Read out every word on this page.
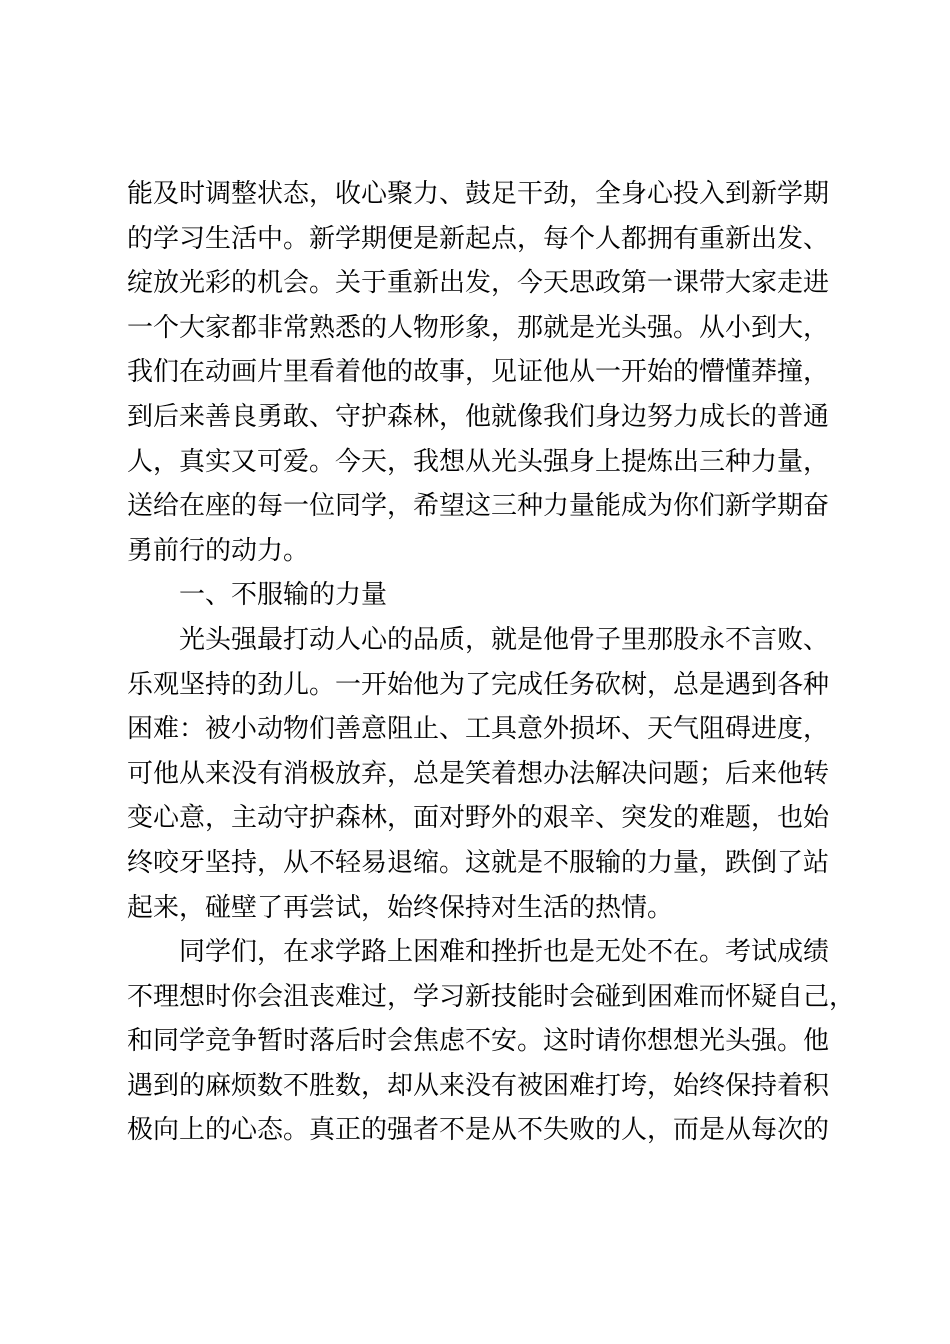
能及时调整状态，收心聚力、鼓足干劲，全身心投入到新学期
的学习生活中。新学期便是新起点，每个人都拥有重新出发、
绽放光彩的机会。关于重新出发，今天思政第一课带大家走进
一个大家都非常熟悉的人物形象，那就是光头强。从小到大，
我们在动画片里看着他的故事，见证他从一开始的懵懂莽撞，
到后来善良勇敢、守护森林，他就像我们身边努力成长的普通
人，真实又可爱。今天，我想从光头强身上提炼出三种力量，
送给在座的每一位同学，希望这三种力量能成为你们新学期奋
勇前行的动力。
一、不服输的力量
光头强最打动人心的品质，就是他骨子里那股永不言败、
乐观坚持的劲儿。一开始他为了完成任务砍树，总是遇到各种
困难：被小动物们善意阻止、工具意外损坏、天气阻碍进度，
可他从来没有消极放弃，总是笑着想办法解决问题；后来他转
变心意，主动守护森林，面对野外的艰辛、突发的难题，也始
终咬牙坚持，从不轻易退缩。这就是不服输的力量，跌倒了站
起来，碰壁了再尝试，始终保持对生活的热情。
同学们，在求学路上困难和挫折也是无处不在。考试成绩
不理想时你会沮丧难过，学习新技能时会碰到困难而怀疑自己，
和同学竞争暂时落后时会焦虑不安。这时请你想想光头强。他
遇到的麻烦数不胜数，却从来没有被困难打垮，始终保持着积
极向上的心态。真正的强者不是从不失败的人，而是从每次的
